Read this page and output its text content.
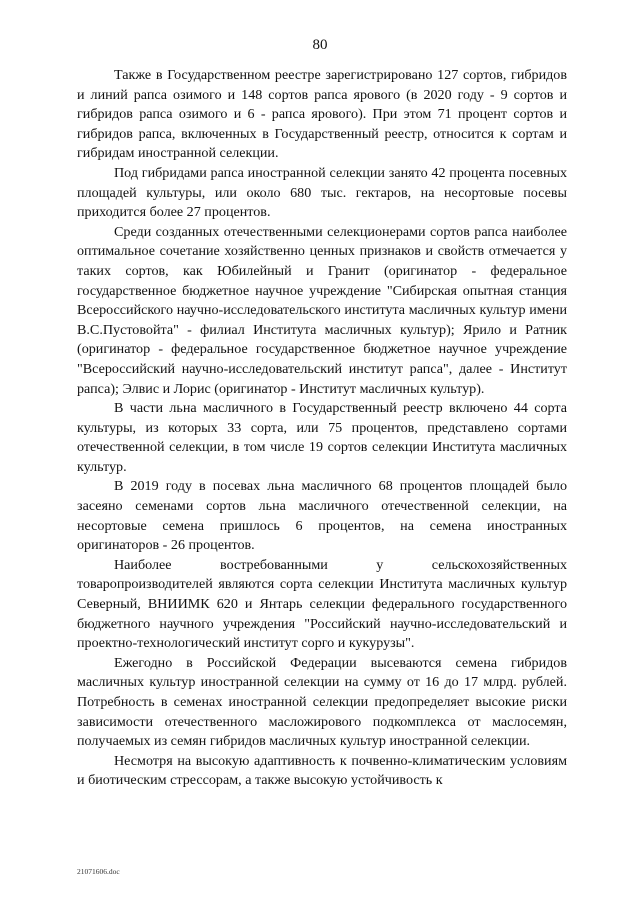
80

Также в Государственном реестре зарегистрировано 127 сортов, гибридов и линий рапса озимого и 148 сортов рапса ярового (в 2020 году - 9 сортов и гибридов рапса озимого и 6 - рапса ярового). При этом 71 процент сортов и гибридов рапса, включенных в Государственный реестр, относится к сортам и гибридам иностранной селекции.

Под гибридами рапса иностранной селекции занято 42 процента посевных площадей культуры, или около 680 тыс. гектаров, на несортовые посевы приходится более 27 процентов.

Среди созданных отечественными селекционерами сортов рапса наиболее оптимальное сочетание хозяйственно ценных признаков и свойств отмечается у таких сортов, как Юбилейный и Гранит (оригинатор - федеральное государственное бюджетное научное учреждение "Сибирская опытная станция Всероссийского научно-исследовательского института масличных культур имени В.С.Пустовойта" - филиал Института масличных культур); Ярило и Ратник (оригинатор - федеральное государственное бюджетное научное учреждение "Всероссийский научно-исследовательский институт рапса", далее - Институт рапса); Элвис и Лорис (оригинатор - Институт масличных культур).

В части льна масличного в Государственный реестр включено 44 сорта культуры, из которых 33 сорта, или 75 процентов, представлено сортами отечественной селекции, в том числе 19 сортов селекции Института масличных культур.

В 2019 году в посевах льна масличного 68 процентов площадей было засеяно семенами сортов льна масличного отечественной селекции, на несортовые семена пришлось 6 процентов, на семена иностранных оригинаторов - 26 процентов.

Наиболее востребованными у сельскохозяйственных товаропроизводителей являются сорта селекции Института масличных культур Северный, ВНИИМК 620 и Янтарь селекции федерального государственного бюджетного научного учреждения "Российский научно-исследовательский и проектно-технологический институт сорго и кукурузы".

Ежегодно в Российской Федерации высеваются семена гибридов масличных культур иностранной селекции на сумму от 16 до 17 млрд. рублей. Потребность в семенах иностранной селекции предопределяет высокие риски зависимости отечественного масложирового подкомплекса от маслосемян, получаемых из семян гибридов масличных культур иностранной селекции.

Несмотря на высокую адаптивность к почвенно-климатическим условиям и биотическим стрессорам, а также высокую устойчивость к

21071606.doc
